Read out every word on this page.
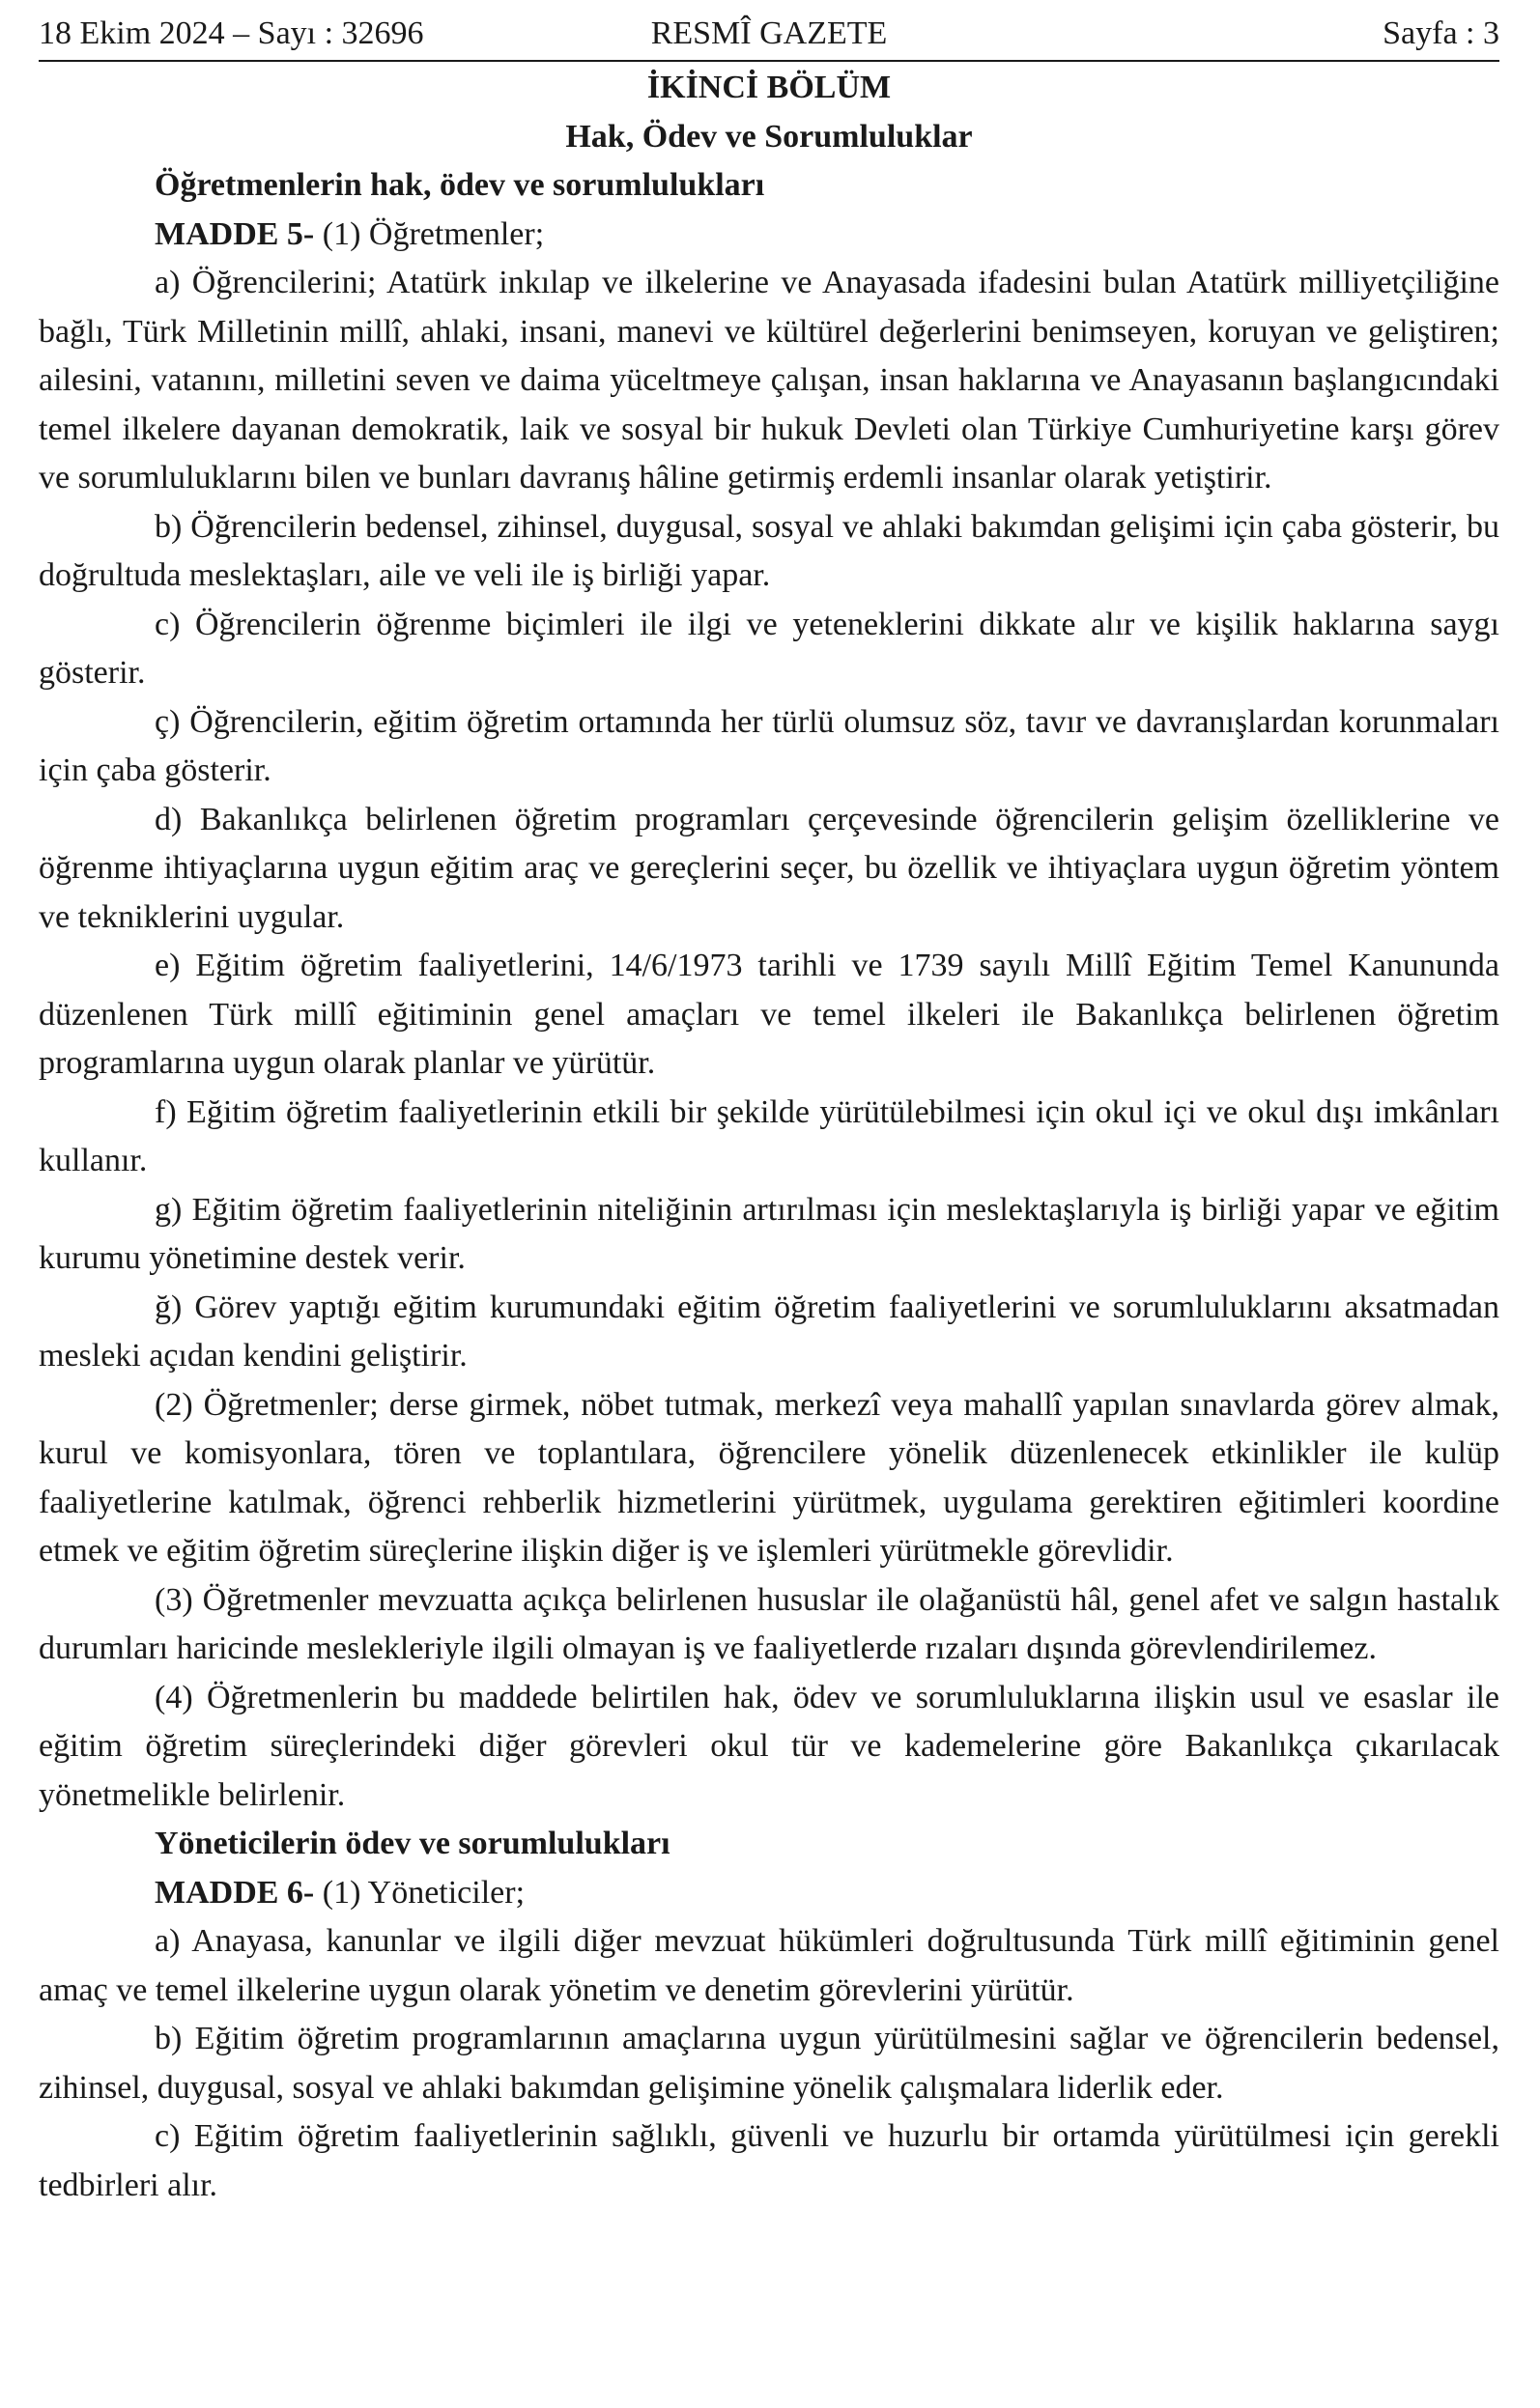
18 Ekim 2024 – Sayı : 32696	RESMÎ GAZETE	Sayfa : 3

İKİNCİ BÖLÜM

Hak, Ödev ve Sorumluluklar

Öğretmenlerin hak, ödev ve sorumlulukları

MADDE 5- (1) Öğretmenler;

a) Öğrencilerini; Atatürk inkılap ve ilkelerine ve Anayasada ifadesini bulan Atatürk milliyetçiliğine bağlı, Türk Milletinin millî, ahlaki, insani, manevi ve kültürel değerlerini benimseyen, koruyan ve geliştiren; ailesini, vatanını, milletini seven ve daima yüceltmeye çalışan, insan haklarına ve Anayasanın başlangıcındaki temel ilkelere dayanan demokratik, laik ve sosyal bir hukuk Devleti olan Türkiye Cumhuriyetine karşı görev ve sorumluluklarını bilen ve bunları davranış hâline getirmiş erdemli insanlar olarak yetiştirir.

b) Öğrencilerin bedensel, zihinsel, duygusal, sosyal ve ahlaki bakımdan gelişimi için çaba gösterir, bu doğrultuda meslektaşları, aile ve veli ile iş birliği yapar.

c) Öğrencilerin öğrenme biçimleri ile ilgi ve yeteneklerini dikkate alır ve kişilik haklarına saygı gösterir.

ç) Öğrencilerin, eğitim öğretim ortamında her türlü olumsuz söz, tavır ve davranışlardan korunmaları için çaba gösterir.

d) Bakanlıkça belirlenen öğretim programları çerçevesinde öğrencilerin gelişim özelliklerine ve öğrenme ihtiyaçlarına uygun eğitim araç ve gereçlerini seçer, bu özellik ve ihtiyaçlara uygun öğretim yöntem ve tekniklerini uygular.

e) Eğitim öğretim faaliyetlerini, 14/6/1973 tarihli ve 1739 sayılı Millî Eğitim Temel Kanununda düzenlenen Türk millî eğitiminin genel amaçları ve temel ilkeleri ile Bakanlıkça belirlenen öğretim programlarına uygun olarak planlar ve yürütür.

f) Eğitim öğretim faaliyetlerinin etkili bir şekilde yürütülebilmesi için okul içi ve okul dışı imkânları kullanır.

g) Eğitim öğretim faaliyetlerinin niteliğinin artırılması için meslektaşlarıyla iş birliği yapar ve eğitim kurumu yönetimine destek verir.

ğ) Görev yaptığı eğitim kurumundaki eğitim öğretim faaliyetlerini ve sorumluluklarını aksatmadan mesleki açıdan kendini geliştirir.

(2) Öğretmenler; derse girmek, nöbet tutmak, merkezî veya mahallî yapılan sınavlarda görev almak, kurul ve komisyonlara, tören ve toplantılara, öğrencilere yönelik düzenlenecek etkinlikler ile kulüp faaliyetlerine katılmak, öğrenci rehberlik hizmetlerini yürütmek, uygulama gerektiren eğitimleri koordine etmek ve eğitim öğretim süreçlerine ilişkin diğer iş ve işlemleri yürütmekle görevlidir.

(3) Öğretmenler mevzuatta açıkça belirlenen hususlar ile olağanüstü hâl, genel afet ve salgın hastalık durumları haricinde meslekleriyle ilgili olmayan iş ve faaliyetlerde rızaları dışında görevlendirilemez.

(4) Öğretmenlerin bu maddede belirtilen hak, ödev ve sorumluluklarına ilişkin usul ve esaslar ile eğitim öğretim süreçlerindeki diğer görevleri okul tür ve kademelerine göre Bakanlıkça çıkarılacak yönetmelikle belirlenir.

Yöneticilerin ödev ve sorumlulukları

MADDE 6- (1) Yöneticiler;

a) Anayasa, kanunlar ve ilgili diğer mevzuat hükümleri doğrultusunda Türk millî eğitiminin genel amaç ve temel ilkelerine uygun olarak yönetim ve denetim görevlerini yürütür.

b) Eğitim öğretim programlarının amaçlarına uygun yürütülmesini sağlar ve öğrencilerin bedensel, zihinsel, duygusal, sosyal ve ahlaki bakımdan gelişimine yönelik çalışmalara liderlik eder.

c) Eğitim öğretim faaliyetlerinin sağlıklı, güvenli ve huzurlu bir ortamda yürütülmesi için gerekli tedbirleri alır.
